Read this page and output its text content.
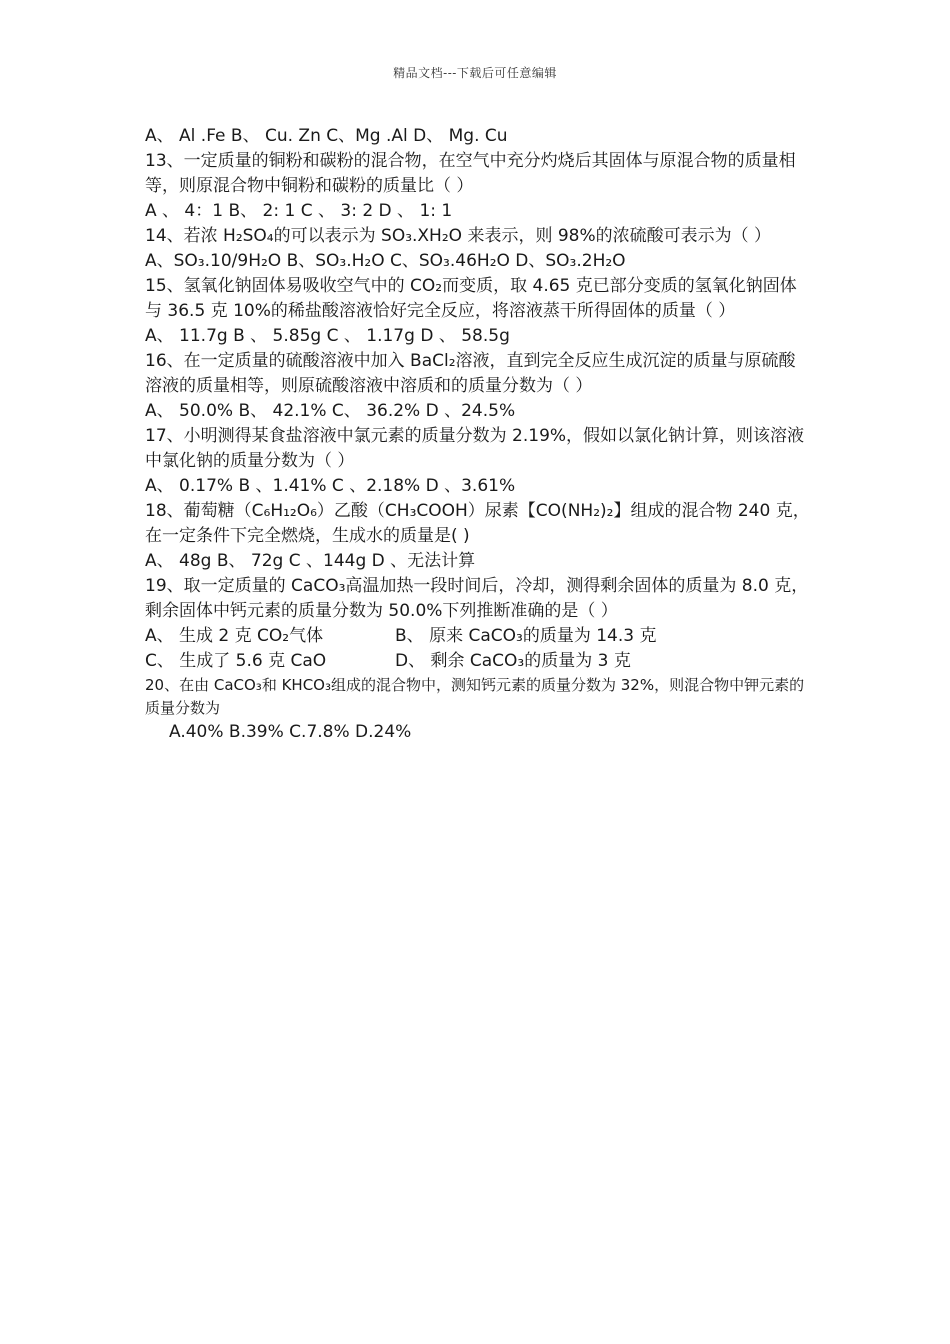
精品文档---下载后可任意编辑
A、 Al .Fe B、 Cu. Zn C、Mg .Al D、 Mg. Cu
13、一定质量的铜粉和碳粉的混合物，在空气中充分灼烧后其固体与原混合物的质量相等，则原混合物中铜粉和碳粉的质量比（ ）
A 、 4：1 B、 2: 1 C 、 3: 2 D 、 1: 1
14、若浓 H₂SO₄的可以表示为 SO₃.XH₂O 来表示，则 98%的浓硫酸可表示为（ ）
A、SO₃.10/9H₂O B、SO₃.H₂O C、SO₃.46H₂O D、SO₃.2H₂O
15、氢氧化钠固体易吸收空气中的 CO₂而变质，取 4.65 克已部分变质的氢氧化钠固体与 36.5 克 10%的稀盐酸溶液恰好完全反应，将溶液蒸干所得固体的质量（ ）
A、 11.7g B 、 5.85g C 、 1.17g D 、 58.5g
16、在一定质量的硫酸溶液中加入 BaCl₂溶液，直到完全反应生成沉淀的质量与原硫酸溶液的质量相等，则原硫酸溶液中溶质和的质量分数为（ ）
A、 50.0% B、 42.1% C、 36.2% D 、24.5%
17、小明测得某食盐溶液中氯元素的质量分数为 2.19%，假如以氯化钠计算，则该溶液中氯化钠的质量分数为（ ）
A、 0.17% B 、1.41% C 、2.18% D 、3.61%
18、葡萄糖（C₆H₁₂O₆）乙酸（CH₃COOH）尿素【CO(NH₂)₂】组成的混合物 240 克，在一定条件下完全燃烧，生成水的质量是( )
A、 48g B、 72g C 、144g D 、无法计算
19、取一定质量的 CaCO₃高温加热一段时间后，冷却，测得剩余固体的质量为 8.0 克，剩余固体中钙元素的质量分数为 50.0%下列推断准确的是（ ）
A、 生成 2 克 CO₂气体	B、 原来 CaCO₃的质量为 14.3 克
C、 生成了 5.6 克 CaO	D、 剩余 CaCO₃的质量为 3 克
20、在由 CaCO₃和 KHCO₃组成的混合物中，测知钙元素的质量分数为 32%，则混合物中钾元素的质量分数为
A.40% B.39% C.7.8% D.24%
